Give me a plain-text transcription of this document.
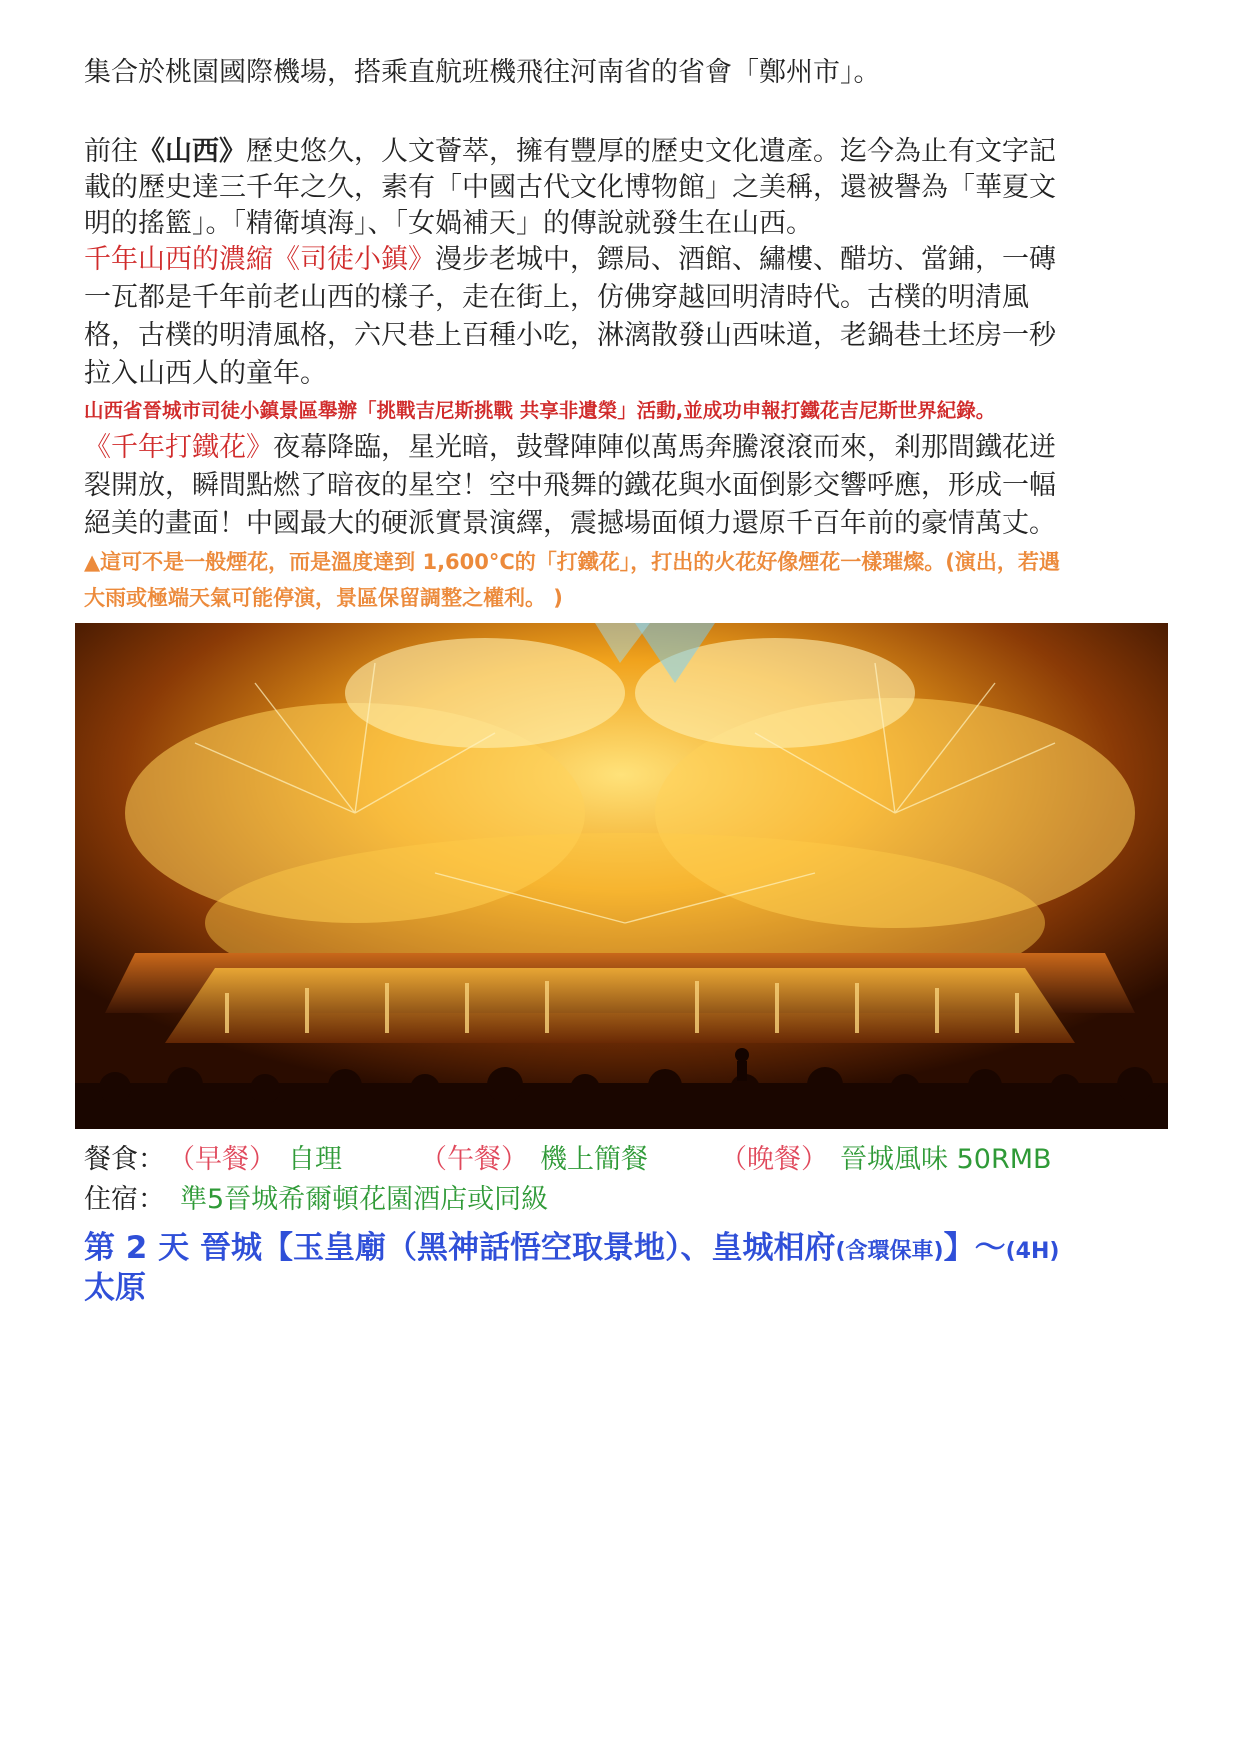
集合於桃園國際機場，搭乘直航班機飛往河南省的省會「鄭州市」。
前往《山西》歷史悠久，人文薈萃，擁有豐厚的歷史文化遺產。迄今為止有文字記
載的歷史達三千年之久，素有「中國古代文化博物館」之美稱，還被譽為「華夏文
明的搖籃」。「精衛填海」、「女媧補天」的傳說就發生在山西。
千年山西的濃縮《司徒小鎮》漫步老城中，鏢局、酒館、繡樓、醋坊、當鋪，一磚
一瓦都是千年前老山西的樣子，走在街上，仿佛穿越回明清時代。古樸的明清風
格，古樸的明清風格，六尺巷上百種小吃，淋漓散發山西味道，老鍋巷土坯房一秒
拉入山西人的童年。
山西省晉城市司徒小鎮景區舉辦「挑戰吉尼斯挑戰 共享非遺榮」活動,並成功申報打鐵花吉尼斯世界紀錄。
《千年打鐵花》夜幕降臨，星光暗，鼓聲陣陣似萬馬奔騰滾滾而來，剎那間鐵花迸
裂開放，瞬間點燃了暗夜的星空！空中飛舞的鐵花與水面倒影交響呼應，形成一幅
絕美的畫面！中國最大的硬派實景演繹，震撼場面傾力還原千百年前的豪情萬丈。
▲這可不是一般煙花，而是溫度達到 1,600°C的「打鐵花」，打出的火花好像煙花一樣璀燦。(演出，若遇
大雨或極端天氣可能停演，景區保留調整之權利。 )
餐食： （早餐） 自理	（午餐） 機上簡餐	（晚餐） 晉城風味 50RMB
住宿： 準5晉城希爾頓花園酒店或同級
第 2 天 晉城【玉皇廟（黑神話悟空取景地）、皇城相府(含環保車)】～(4H)
太原
